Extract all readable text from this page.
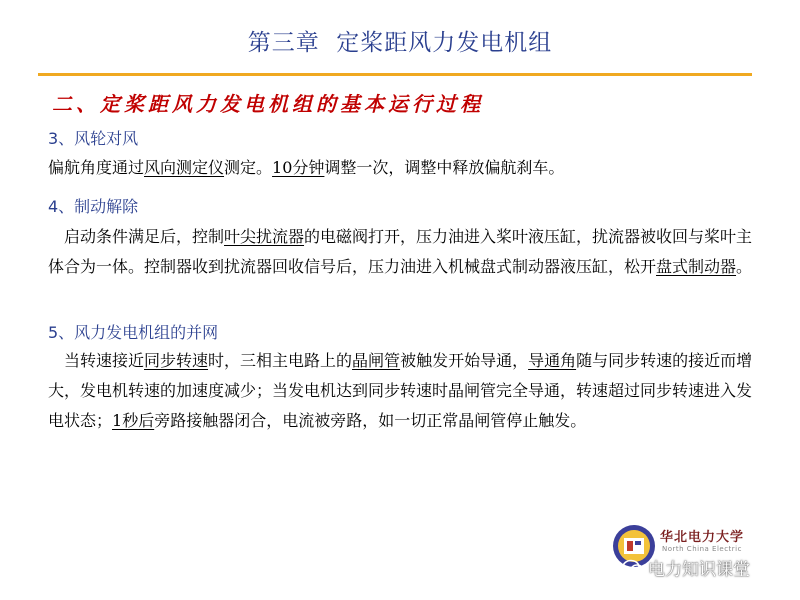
第三章  定桨距风力发电机组
二、定桨距风力发电机组的基本运行过程
3、风轮对风
偏航角度通过风向测定仪测定。10分钟调整一次，调整中释放偏航刹车。
4、制动解除
启动条件满足后，控制叶尖扰流器的电磁阀打开，压力油进入桨叶液压缸，扰流器被收回与桨叶主体合为一体。控制器收到扰流器回收信号后，压力油进入机械盘式制动器液压缸，松开盘式制动器。
5、风力发电机组的并网
当转速接近同步转速时，三相主电路上的晶闸管被触发开始导通，导通角随与同步转速的接近而增大，发电机转速的加速度减少；当发电机达到同步转速时晶闸管完全导通，转速超过同步转速进入发电状态；1秒后旁路接触器闭合，电流被旁路，如一切正常晶闸管停止触发。
华北电力大学
North China Electric
电力知识课堂
